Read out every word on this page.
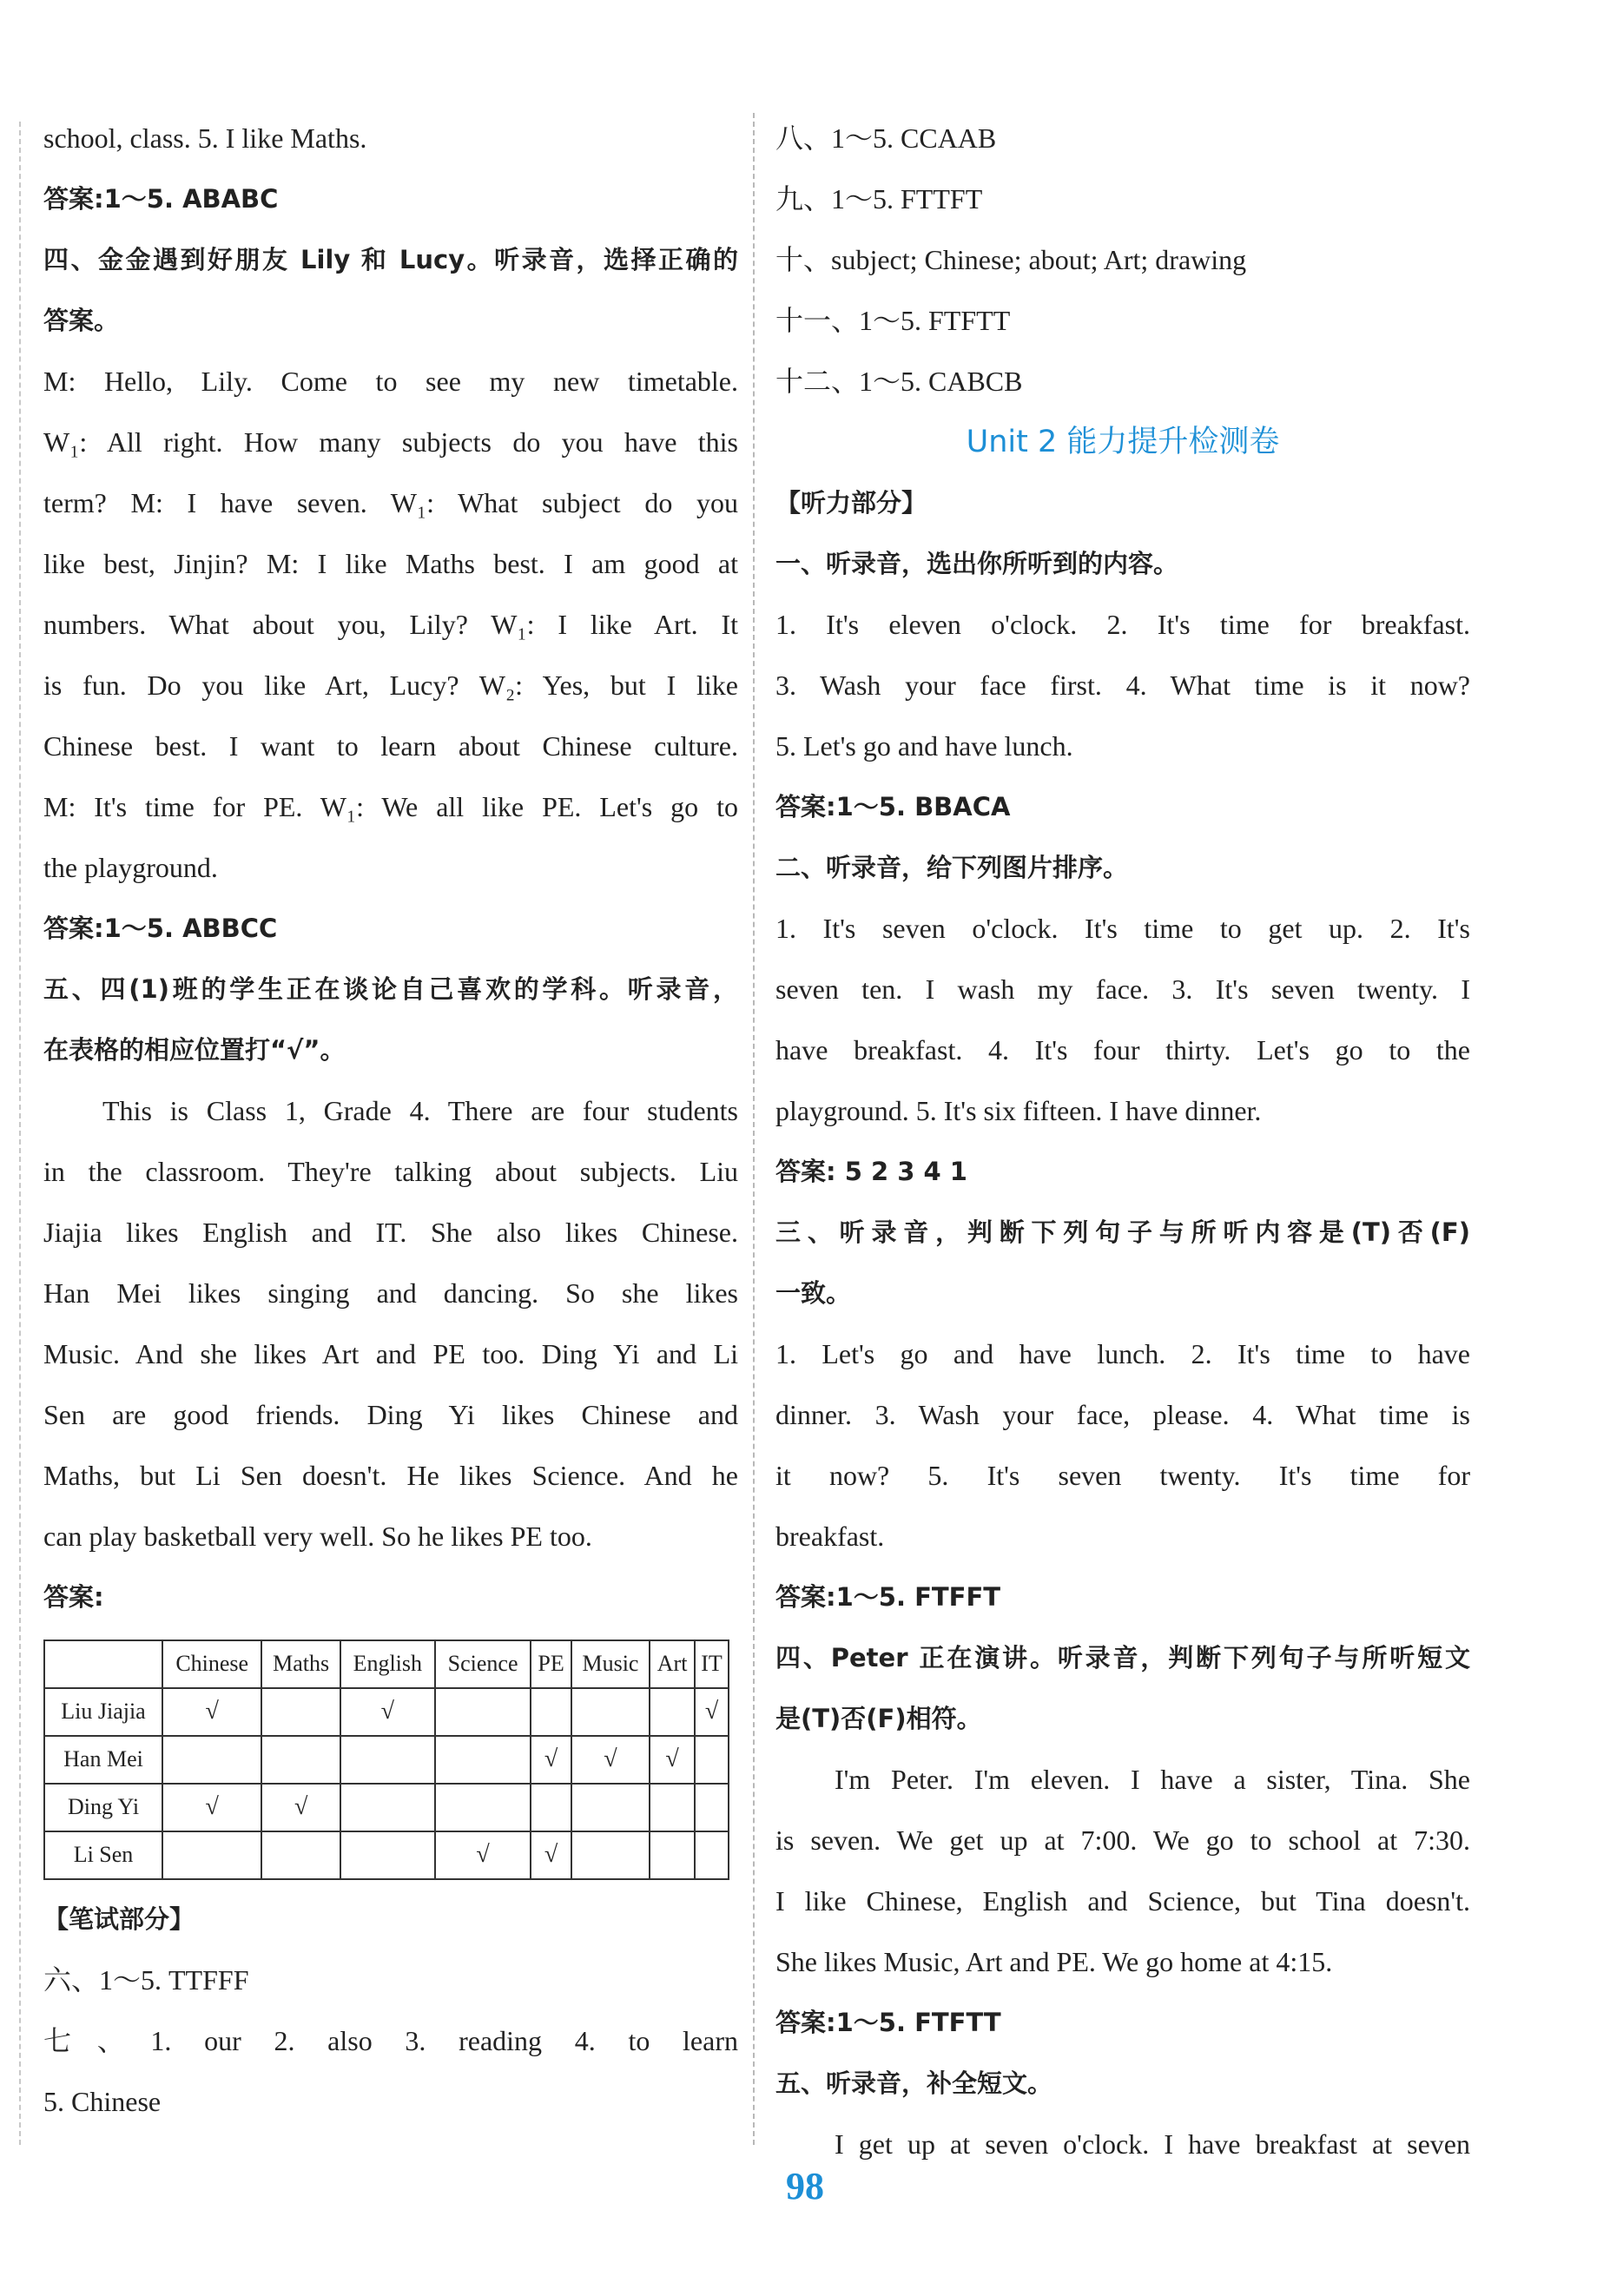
school, class. 5. I like Maths.

答案:1～5. ABABC

四、金金遇到好朋友 Lily 和 Lucy。听录音，选择正确的

答案。

M: Hello, Lily. Come to see my new timetable.

W₁: All right. How many subjects do you have this

term? M: I have seven. W₁: What subject do you

like best, Jinjin? M: I like Maths best. I am good at

numbers. What about you, Lily? W₁: I like Art. It

is fun. Do you like Art, Lucy? W₂: Yes, but I like

Chinese best. I want to learn about Chinese culture.

M: It's time for PE. W₁: We all like PE. Let's go to

the playground.

答案:1～5. ABBCC

五、四(1)班的学生正在谈论自己喜欢的学科。听录音，

在表格的相应位置打“√”。

This is Class 1, Grade 4. There are four students

in the classroom. They're talking about subjects. Liu

Jiajia likes English and IT. She also likes Chinese.

Han Mei likes singing and dancing. So she likes

Music. And she likes Art and PE too. Ding Yi and Li

Sen are good friends. Ding Yi likes Chinese and

Maths, but Li Sen doesn't. He likes Science. And he

can play basketball very well. So he likes PE too.

答案:

	Chinese	Maths	English	Science	PE	Music	Art	IT
Liu Jiajia	√		√					√
Han Mei					√	√	√	
Ding Yi	√	√						
Li Sen				√	√			

【笔试部分】

六、1～5. TTFFF

七、1. our 2. also 3. reading 4. to learn

5. Chinese

八、1～5. CCAAB

九、1～5. FTTFT

十、subject; Chinese; about; Art; drawing

十一、1～5. FTFTT

十二、1～5. CABCB

Unit 2 能力提升检测卷

【听力部分】

一、听录音，选出你所听到的内容。

1. It's eleven o'clock. 2. It's time for breakfast.

3. Wash your face first. 4. What time is it now?

5. Let's go and have lunch.

答案:1～5. BBACA

二、听录音，给下列图片排序。

1. It's seven o'clock. It's time to get up. 2. It's

seven ten. I wash my face. 3. It's seven twenty. I

have breakfast. 4. It's four thirty. Let's go to the

playground. 5. It's six fifteen. I have dinner.

答案: 5 2 3 4 1

三、听录音，判断下列句子与所听内容是(T)否(F)

一致。

1. Let's go and have lunch. 2. It's time to have

dinner. 3. Wash your face, please. 4. What time is

it now? 5. It's seven twenty. It's time for

breakfast.

答案:1～5. FTFFT

四、Peter 正在演讲。听录音，判断下列句子与所听短文

是(T)否(F)相符。

I'm Peter. I'm eleven. I have a sister, Tina. She

is seven. We get up at 7:00. We go to school at 7:30.

I like Chinese, English and Science, but Tina doesn't.

She likes Music, Art and PE. We go home at 4:15.

答案:1～5. FTFTT

五、听录音，补全短文。

I get up at seven o'clock. I have breakfast at seven

98
